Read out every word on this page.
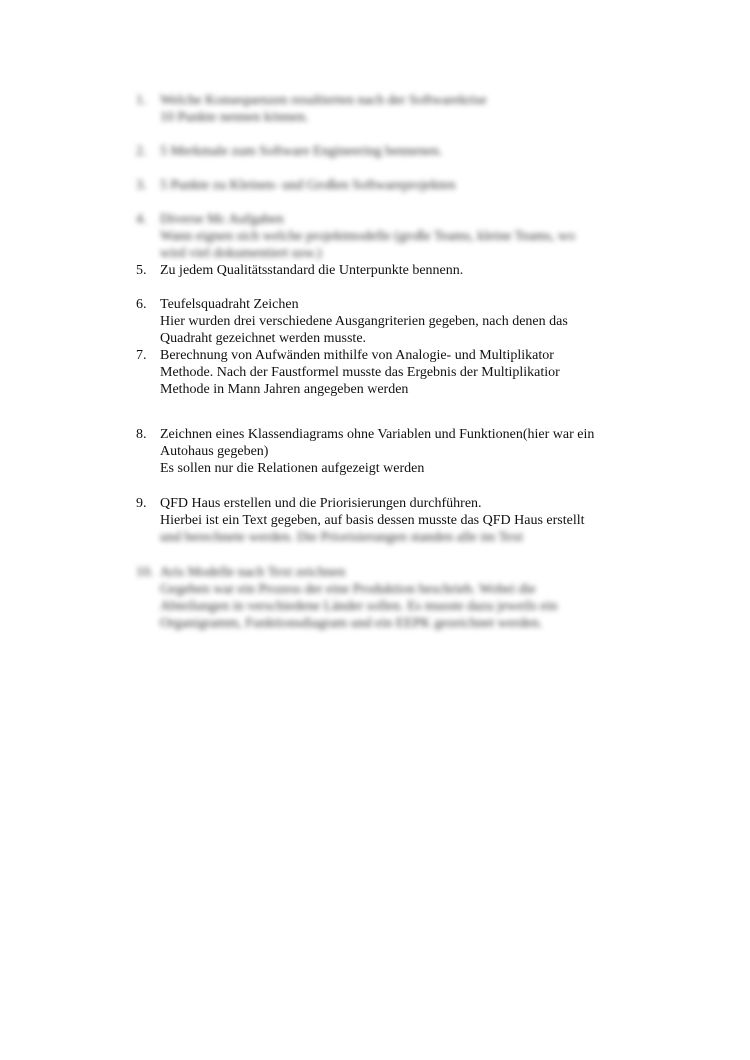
1. Welche Konsequenzen resultierten nach der Softwarekrise
10 Punkte nennen können.
2. 5 Merkmale zum Software Engineering bennenen.
3. 5 Punkte zu Kleinen- und Großen Softwareprojekten
4. Diverse Mc Aufgaben
Wann eignen sich welche projektmodelle (große Teams, kleine Teams, wo
wird viel dokumentiert usw.)
5. Zu jedem Qualitätsstandard die Unterpunkte bennenn.
6. Teufelsquadraht Zeichen
Hier wurden drei verschiedene Ausgangriterien gegeben, nach denen das
Quadraht gezeichnet werden musste.
7. Berechnung von Aufwänden mithilfe von Analogie- und Multiplikator
Methode. Nach der Faustformel musste das Ergebnis der Multiplikatior
Methode in Mann Jahren angegeben werden
8. Zeichnen eines Klassendiagrams ohne Variablen und Funktionen(hier war ein
Autohaus gegeben)
Es sollen nur die Relationen aufgezeigt werden
9. QFD Haus erstellen und die Priorisierungen durchführen.
Hierbei ist ein Text gegeben, auf basis dessen musste das QFD Haus erstellt
und berechnete werden. Die Priorisierungen standen alle im Text
10. Aris Modelle nach Text zeichnen
Gegeben war ein Prozess der eine Produktion beschrieb. Wobei die
Abteilungen in verschiedene Länder sollen. Es musste dazu jeweils ein
Organigramm, Funktionsdiagram und ein EEPK gezeichnet werden.
